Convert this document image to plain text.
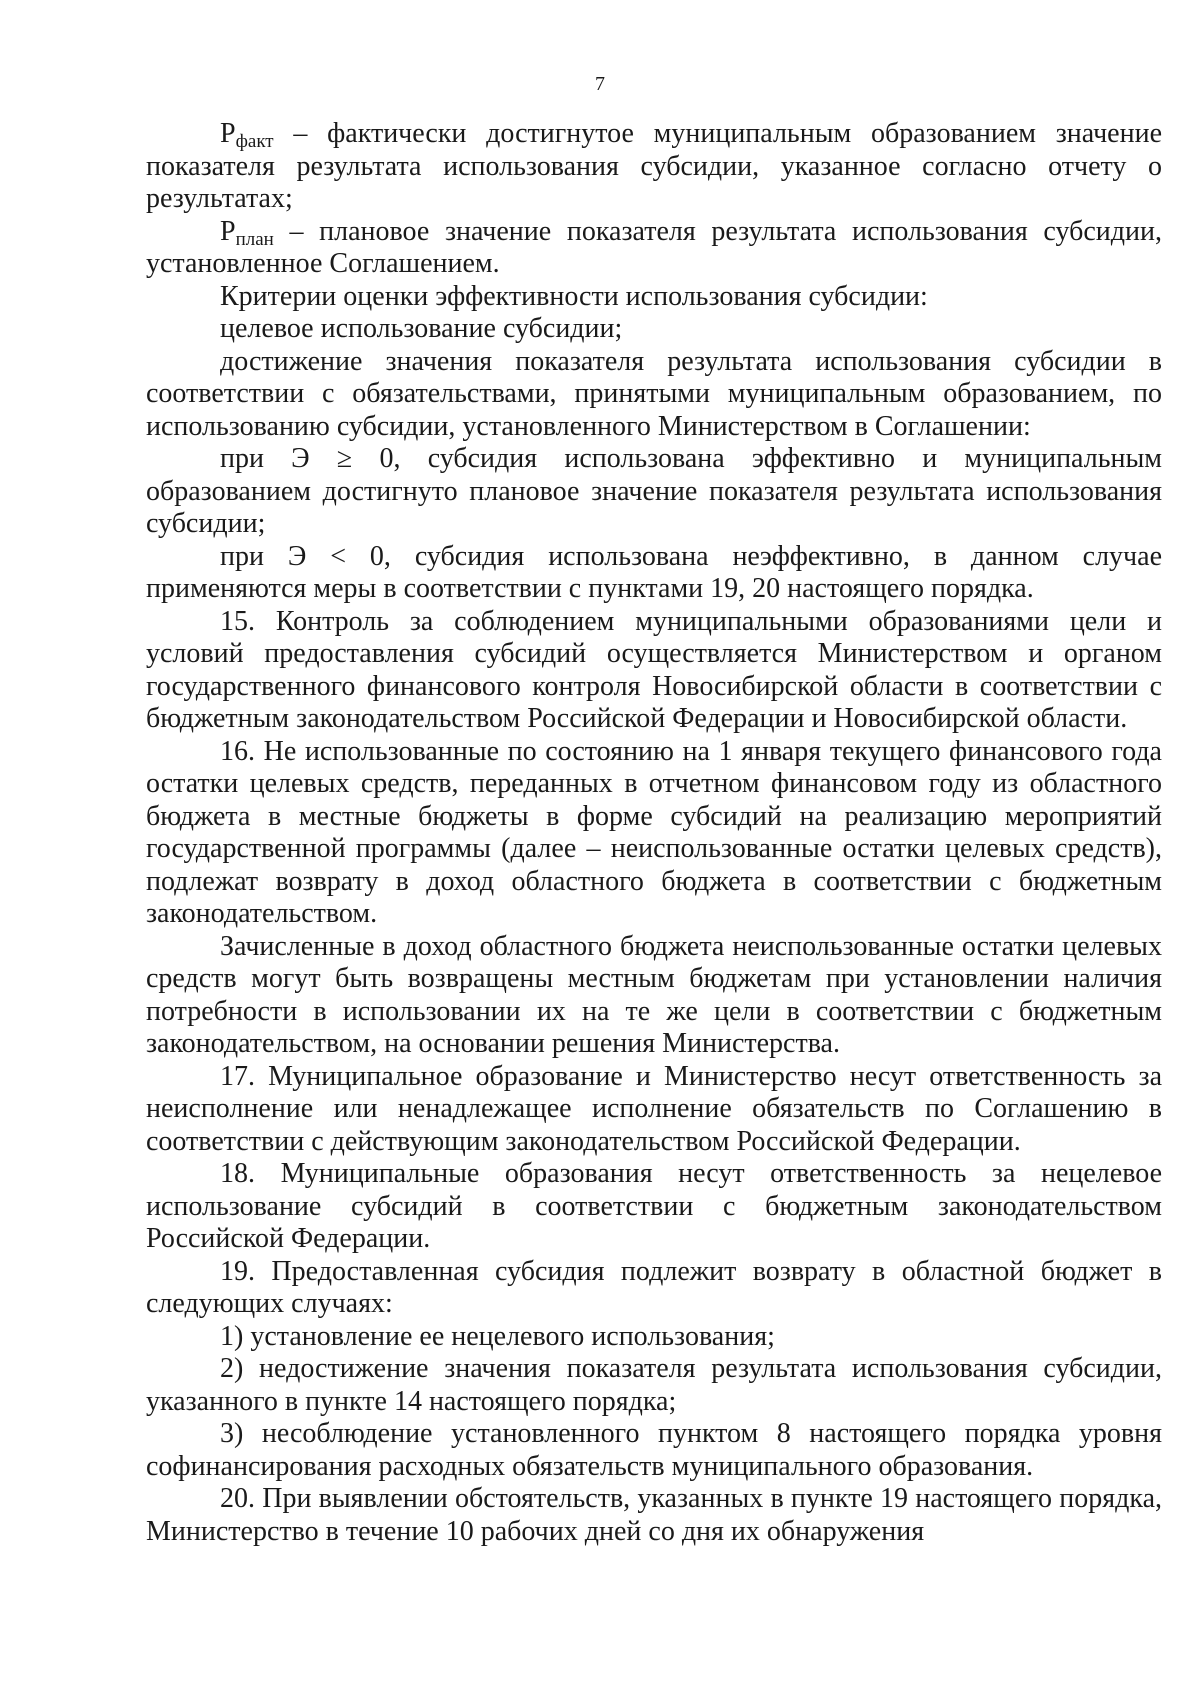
7

$P_{факт}$ – фактически достигнутое муниципальным образованием значение показателя результата использования субсидии, указанное согласно отчету о результатах;

$P_{план}$ – плановое значение показателя результата использования субсидии, установленное Соглашением.

Критерии оценки эффективности использования субсидии:

целевое использование субсидии;

достижение значения показателя результата использования субсидии в соответствии с обязательствами, принятыми муниципальным образованием, по использованию субсидии, установленного Министерством в Соглашении:

при Э ≥ 0, субсидия использована эффективно и муниципальным образованием достигнуто плановое значение показателя результата использования субсидии;

при Э < 0, субсидия использована неэффективно, в данном случае применяются меры в соответствии с пунктами 19, 20 настоящего порядка.

15. Контроль за соблюдением муниципальными образованиями цели и условий предоставления субсидий осуществляется Министерством и органом государственного финансового контроля Новосибирской области в соответствии с бюджетным законодательством Российской Федерации и Новосибирской области.

16. Не использованные по состоянию на 1 января текущего финансового года остатки целевых средств, переданных в отчетном финансовом году из областного бюджета в местные бюджеты в форме субсидий на реализацию мероприятий государственной программы (далее – неиспользованные остатки целевых средств), подлежат возврату в доход областного бюджета в соответствии с бюджетным законодательством.

Зачисленные в доход областного бюджета неиспользованные остатки целевых средств могут быть возвращены местным бюджетам при установлении наличия потребности в использовании их на те же цели в соответствии с бюджетным законодательством, на основании решения Министерства.

17. Муниципальное образование и Министерство несут ответственность за неисполнение или ненадлежащее исполнение обязательств по Соглашению в соответствии с действующим законодательством Российской Федерации.

18. Муниципальные образования несут ответственность за нецелевое использование субсидий в соответствии с бюджетным законодательством Российской Федерации.

19. Предоставленная субсидия подлежит возврату в областной бюджет в следующих случаях:

1) установление ее нецелевого использования;

2) недостижение значения показателя результата использования субсидии, указанного в пункте 14 настоящего порядка;

3) несоблюдение установленного пунктом 8 настоящего порядка уровня софинансирования расходных обязательств муниципального образования.

20. При выявлении обстоятельств, указанных в пункте 19 настоящего порядка, Министерство в течение 10 рабочих дней со дня их обнаружения
